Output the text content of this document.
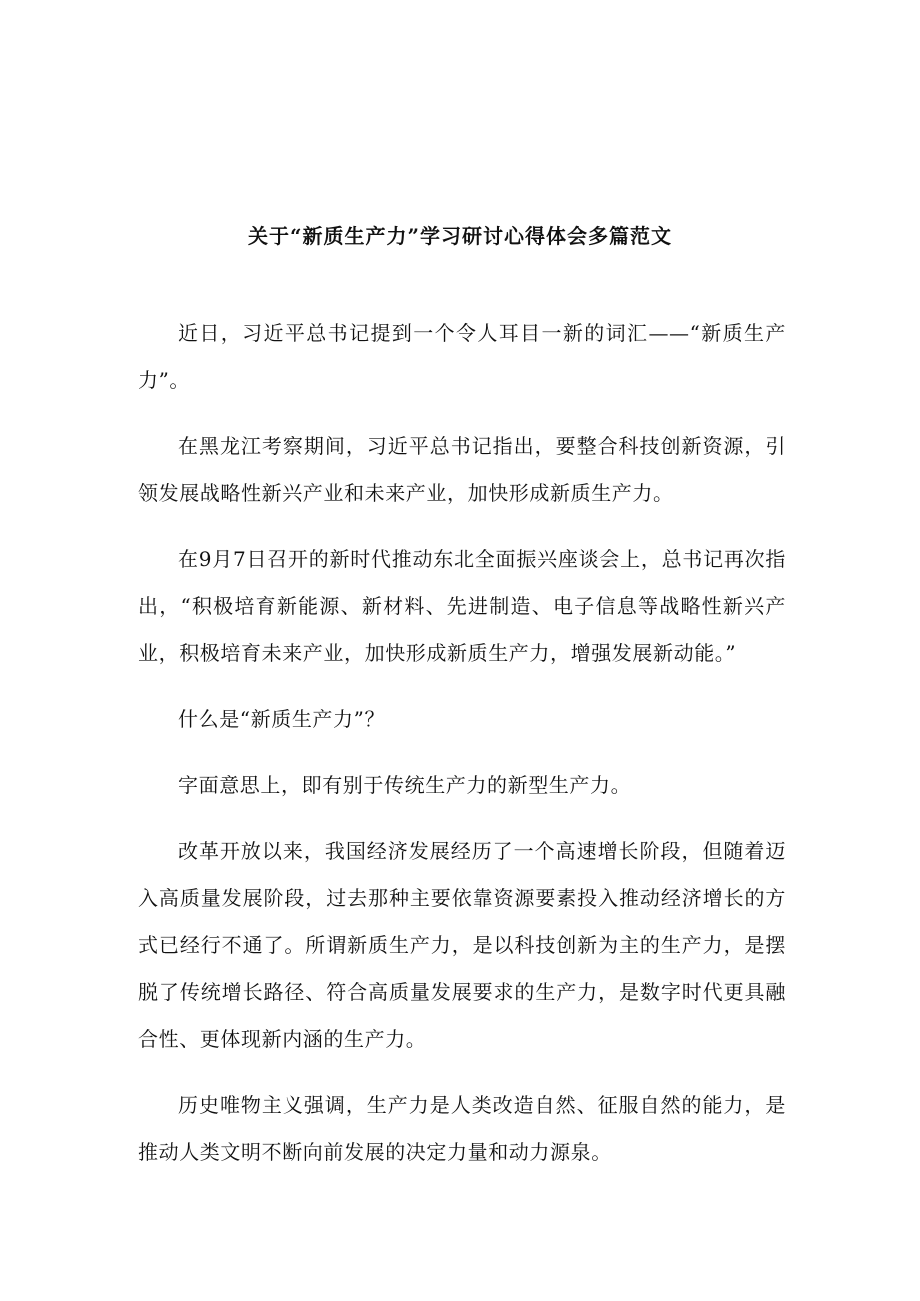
关于“新质生产力”学习研讨心得体会多篇范文

近日，习近平总书记提到一个令人耳目一新的词汇——“新质生产力”。

在黑龙江考察期间，习近平总书记指出，要整合科技创新资源，引领发展战略性新兴产业和未来产业，加快形成新质生产力。

在9月7日召开的新时代推动东北全面振兴座谈会上，总书记再次指出，“积极培育新能源、新材料、先进制造、电子信息等战略性新兴产业，积极培育未来产业，加快形成新质生产力，增强发展新动能。”

什么是“新质生产力”？

字面意思上，即有别于传统生产力的新型生产力。

改革开放以来，我国经济发展经历了一个高速增长阶段，但随着迈入高质量发展阶段，过去那种主要依靠资源要素投入推动经济增长的方式已经行不通了。所谓新质生产力，是以科技创新为主的生产力，是摆脱了传统增长路径、符合高质量发展要求的生产力，是数字时代更具融合性、更体现新内涵的生产力。

历史唯物主义强调，生产力是人类改造自然、征服自然的能力，是推动人类文明不断向前发展的决定力量和动力源泉。
